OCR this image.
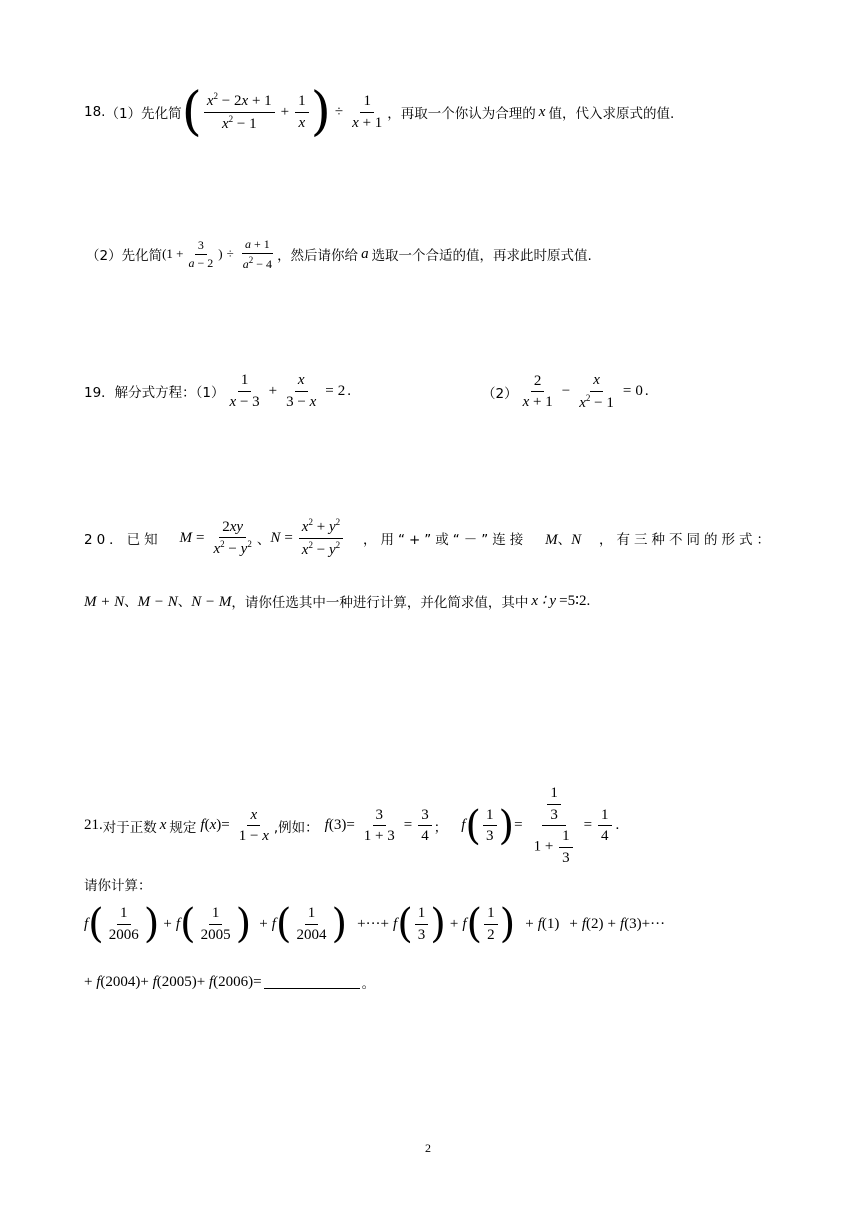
18. （1）先化简 ( $\frac{x^2 - 2x + 1}{x^2 - 1} + \frac{1}{x}$ ) ÷ $\frac{1}{x + 1}$ ，再取一个你认为合理的 x 值，代入求原式的值.
（2）先化简 ($1 + \frac{3}{a - 2}$ ) ÷ $\frac{a + 1}{a^2 - 4}$ ，然后请你给 a 选取一个合适的值，再求此时原式值.
19．解分式方程：$(1) \frac{1}{x - 3} + \frac{x}{3 - x} = 2$ .	$(2) \frac{2}{x + 1} - \frac{x}{x^2 - 1} = 0$ .
20．已知 $M = \frac{2xy}{x^2 - y^2}$ 、 $N = \frac{x^2 + y^2}{x^2 - y^2}$ ，用“+”或“－”连接 M、N ，有三种不同的形式：
M + N、M − N、N − M ，请你任选其中一种进行计算，并化简求值，其中 x ∶ y =5∶2.
21. 对于正数 x 规定 f ( x )= $\frac{x}{1 - x}$ ,例如： f $(3)= \frac{3}{1 + 3} = \frac{3}{4}$ ； f ( $\frac{1}{3}$ ) = $\frac{\frac{1}{3}}{1 + \frac{1}{3}} = \frac{1}{4}$ .
请你计算：
f ( $\frac{1}{2006}$ ) + f ( $\frac{1}{2005}$ ) + f ( $\frac{1}{2004}$ ) +···+ f ( $\frac{1}{3}$ ) + f ( $\frac{1}{2}$ ) + f (1) + f (2) + f (3)+···
+ f(2004)+ f(2005)+ f(2006)=	。
2
